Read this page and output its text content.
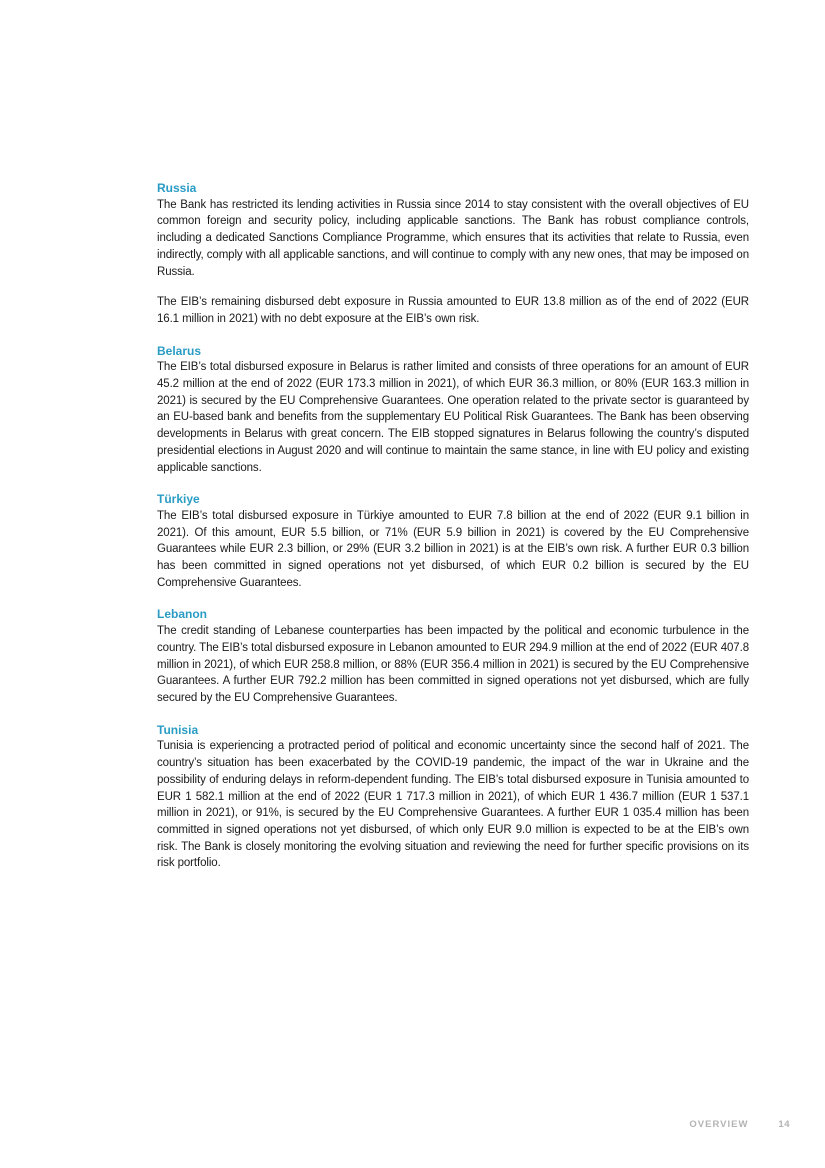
Russia

The Bank has restricted its lending activities in Russia since 2014 to stay consistent with the overall objectives of EU common foreign and security policy, including applicable sanctions. The Bank has robust compliance controls, including a dedicated Sanctions Compliance Programme, which ensures that its activities that relate to Russia, even indirectly, comply with all applicable sanctions, and will continue to comply with any new ones, that may be imposed on Russia.

The EIB’s remaining disbursed debt exposure in Russia amounted to EUR 13.8 million as of the end of 2022 (EUR 16.1 million in 2021) with no debt exposure at the EIB’s own risk.

Belarus

The EIB’s total disbursed exposure in Belarus is rather limited and consists of three operations for an amount of EUR 45.2 million at the end of 2022 (EUR 173.3 million in 2021), of which EUR 36.3 million, or 80% (EUR 163.3 million in 2021) is secured by the EU Comprehensive Guarantees. One operation related to the private sector is guaranteed by an EU-based bank and benefits from the supplementary EU Political Risk Guarantees. The Bank has been observing developments in Belarus with great concern. The EIB stopped signatures in Belarus following the country’s disputed presidential elections in August 2020 and will continue to maintain the same stance, in line with EU policy and existing applicable sanctions.

Türkiye

The EIB’s total disbursed exposure in Türkiye amounted to EUR 7.8 billion at the end of 2022 (EUR 9.1 billion in 2021). Of this amount, EUR 5.5 billion, or 71% (EUR 5.9 billion in 2021) is covered by the EU Comprehensive Guarantees while EUR 2.3 billion, or 29% (EUR 3.2 billion in 2021) is at the EIB’s own risk. A further EUR 0.3 billion has been committed in signed operations not yet disbursed, of which EUR 0.2 billion is secured by the EU Comprehensive Guarantees.

Lebanon

The credit standing of Lebanese counterparties has been impacted by the political and economic turbulence in the country. The EIB’s total disbursed exposure in Lebanon amounted to EUR 294.9 million at the end of 2022 (EUR 407.8 million in 2021), of which EUR 258.8 million, or 88% (EUR 356.4 million in 2021) is secured by the EU Comprehensive Guarantees. A further EUR 792.2 million has been committed in signed operations not yet disbursed, which are fully secured by the EU Comprehensive Guarantees.

Tunisia

Tunisia is experiencing a protracted period of political and economic uncertainty since the second half of 2021. The country’s situation has been exacerbated by the COVID-19 pandemic, the impact of the war in Ukraine and the possibility of enduring delays in reform-dependent funding. The EIB’s total disbursed exposure in Tunisia amounted to EUR 1 582.1 million at the end of 2022 (EUR 1 717.3 million in 2021), of which EUR 1 436.7 million (EUR 1 537.1 million in 2021), or 91%, is secured by the EU Comprehensive Guarantees. A further EUR 1 035.4 million has been committed in signed operations not yet disbursed, of which only EUR 9.0 million is expected to be at the EIB’s own risk. The Bank is closely monitoring the evolving situation and reviewing the need for further specific provisions on its risk portfolio.

OVERVIEW	14
